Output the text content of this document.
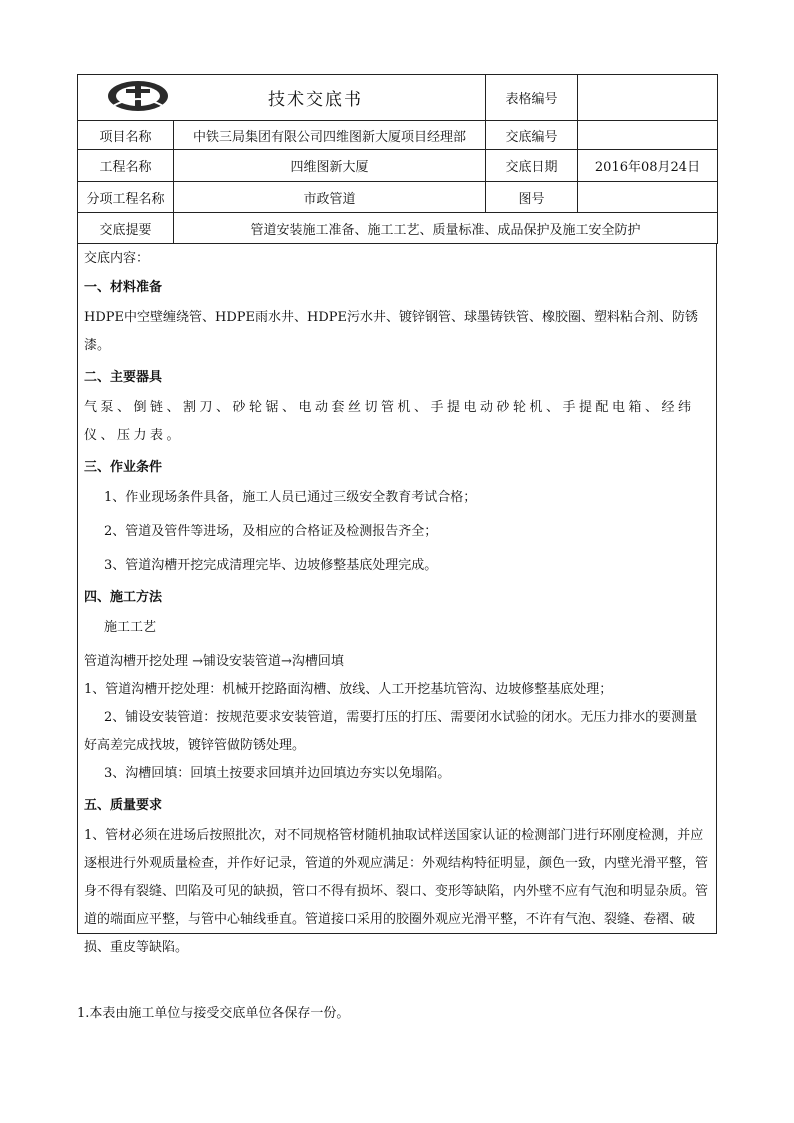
技术交底书		表格编号	
项目名称	中铁三局集团有限公司四维图新大厦项目经理部	交底编号	
工程名称	四维图新大厦	交底日期	2016年08月24日
分项工程名称	市政管道	图号	
交底提要	管道安装施工准备、施工工艺、质量标准、成品保护及施工安全防护		

交底内容：

一、材料准备

HDPE中空壁缠绕管、HDPE雨水井、HDPE污水井、镀锌钢管、球墨铸铁管、橡胶圈、塑料粘合剂、防锈漆。

二、主要器具

气泵、倒链、割刀、砂轮锯、电动套丝切管机、手提电动砂轮机、手提配电箱、经纬仪、压力表。

三、作业条件

1、作业现场条件具备，施工人员已通过三级安全教育考试合格；

2、管道及管件等进场，及相应的合格证及检测报告齐全；

3、管道沟槽开挖完成清理完毕、边坡修整基底处理完成。

四、施工方法

施工工艺

管道沟槽开挖处理 →铺设安装管道→沟槽回填

1、管道沟槽开挖处理：机械开挖路面沟槽、放线、人工开挖基坑管沟、边坡修整基底处理；

2、铺设安装管道：按规范要求安装管道，需要打压的打压、需要闭水试验的闭水。无压力排水的要测量好高差完成找坡，镀锌管做防锈处理。

3、沟槽回填：回填土按要求回填并边回填边夯实以免塌陷。

五、质量要求

1、管材必须在进场后按照批次，对不同规格管材随机抽取试样送国家认证的检测部门进行环刚度检测，并应逐根进行外观质量检查，并作好记录，管道的外观应满足：外观结构特征明显，颜色一致，内壁光滑平整，管身不得有裂缝、凹陷及可见的缺损，管口不得有损坏、裂口、变形等缺陷，内外壁不应有气泡和明显杂质。管道的端面应平整，与管中心轴线垂直。管道接口采用的胶圈外观应光滑平整，不许有气泡、裂缝、卷褶、破损、重皮等缺陷。

1.本表由施工单位与接受交底单位各保存一份。
